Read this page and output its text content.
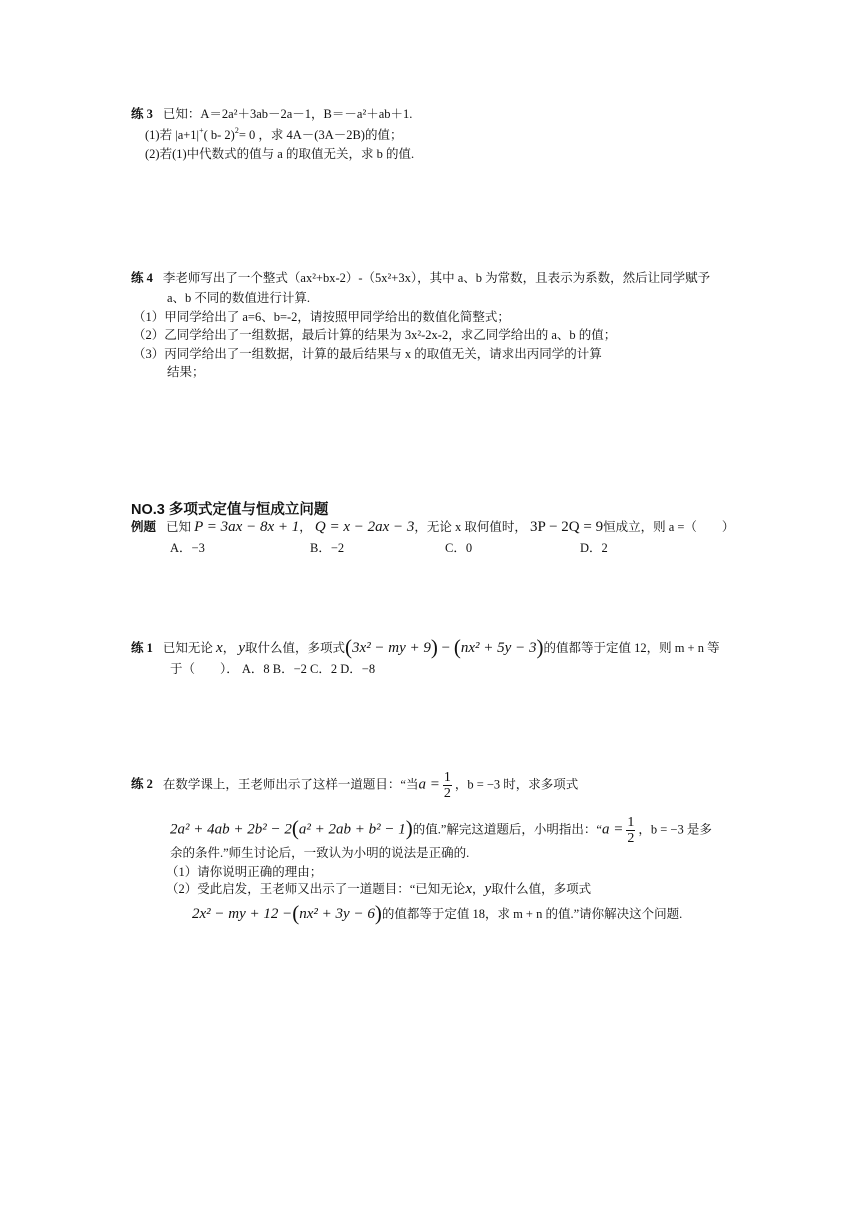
练 3 已知：A＝2a²＋3ab－2a－1，B＝－a²＋ab＋1.
(1)若 |a+1|+( b- 2)$^2$= 0 ，求 4A－(3A－2B)的值；
(2)若(1)中代数式的值与 a 的取值无关，求 b 的值.
练 4 李老师写出了一个整式（ax²+bx-2）-（5x²+3x），其中 a、b 为常数，且表示为系数，然后让同学赋予
a、b 不同的数值进行计算.
（1）甲同学给出了 a=6、b=-2，请按照甲同学给出的数值化简整式；
（2）乙同学给出了一组数据，最后计算的结果为 3x²-2x-2，求乙同学给出的 a、b 的值；
（3）丙同学给出了一组数据，计算的最后结果与 x 的取值无关，请求出丙同学的计算
结果；
NO.3 多项式定值与恒成立问题
例题 已知 P = 3ax − 8x + 1， Q = x − 2ax − 3，无论 x 取何值时， 3P − 2Q = 9恒成立，则 a =（　　）
A．−3	B．−2	C．0	D．2
练 1 已知无论 x， y取什么值，多项式(3x² − my + 9) − (nx² + 5y − 3)的值都等于定值 12，则 m + n 等
于（　　）． A．8 B．−2 C．2 D．−8
练 2 在数学课上，王老师出示了这样一道题目：“当$a = \frac{1}{2}$ ，b = −3 时，求多项式
2a² + 4ab + 2b² − 2(a² + 2ab + b² − 1)的值.”解完这道题后，小明指出：“$a = \frac{1}{2}$ ，b = −3 是多
余的条件.”师生讨论后，一致认为小明的说法是正确的.
（1）请你说明正确的理由；
（2）受此启发，王老师又出示了一道题目：“已知无论x，y取什么值，多项式
2x² − my + 12 −(nx² + 3y − 6)的值都等于定值 18，求 m + n 的值.”请你解决这个问题.
